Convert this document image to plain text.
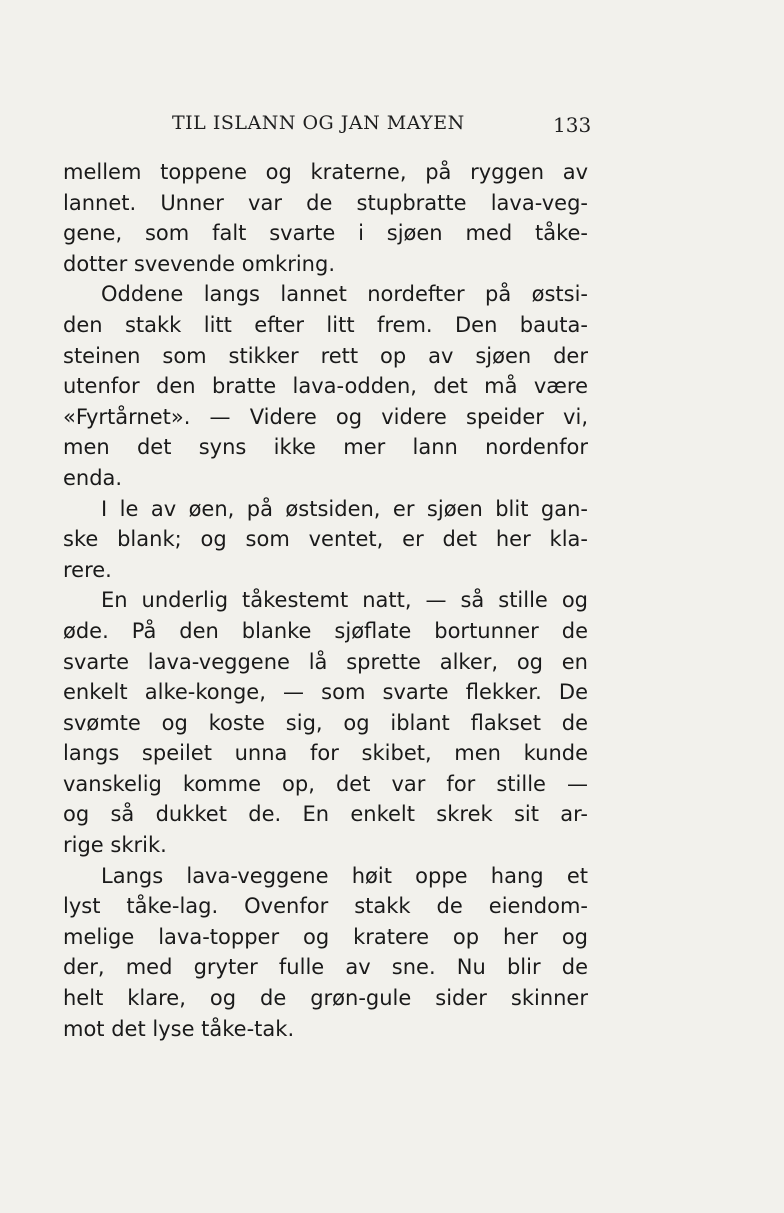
TIL ISLANN OG JAN MAYEN	133
mellem toppene og kraterne, på ryggen av
lannet. Unner var de stupbratte lava-veg-
gene, som falt svarte i sjøen med tåke-
dotter svevende omkring.
Oddene langs lannet nordefter på østsi-
den stakk litt efter litt frem. Den bauta-
steinen som stikker rett op av sjøen der
utenfor den bratte lava-odden, det må være
«Fyrtårnet». — Videre og videre speider vi,
men det syns ikke mer lann nordenfor
enda.
I le av øen, på østsiden, er sjøen blit gan-
ske blank; og som ventet, er det her kla-
rere.
En underlig tåkestemt natt, — så stille og
øde. På den blanke sjøflate bortunner de
svarte lava-veggene lå sprette alker, og en
enkelt alke-konge, — som svarte flekker. De
svømte og koste sig, og iblant flakset de
langs speilet unna for skibet, men kunde
vanskelig komme op, det var for stille —
og så dukket de. En enkelt skrek sit ar-
rige skrik.
Langs lava-veggene høit oppe hang et
lyst tåke-lag. Ovenfor stakk de eiendom-
melige lava-topper og kratere op her og
der, med gryter fulle av sne. Nu blir de
helt klare, og de grøn-gule sider skinner
mot det lyse tåke-tak.
